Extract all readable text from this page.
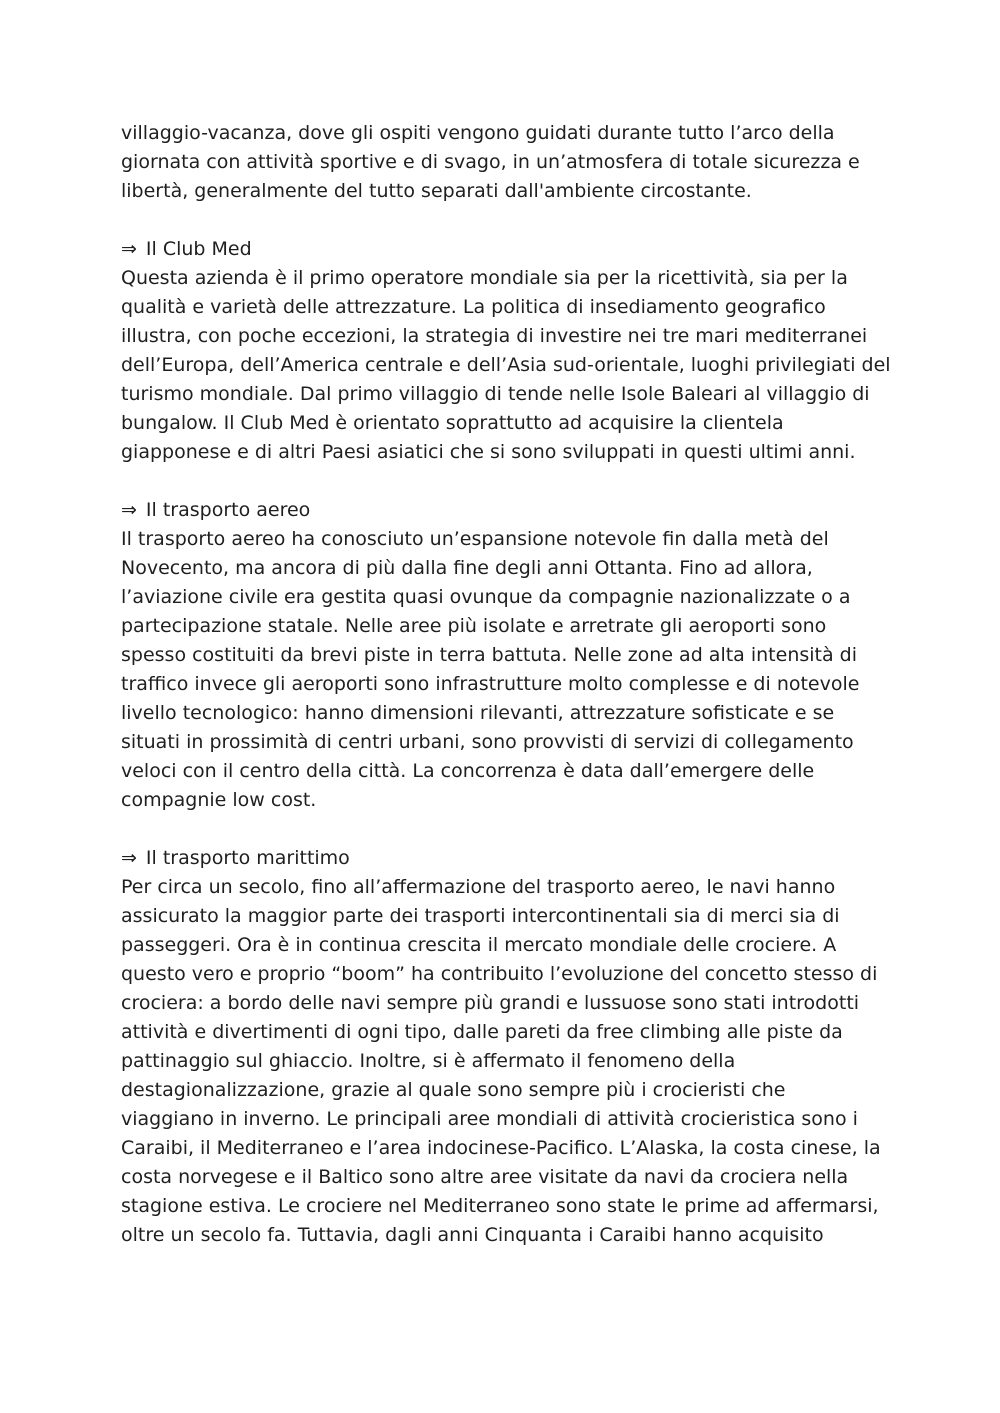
villaggio-vacanza, dove gli ospiti vengono guidati durante tutto l’arco della

giornata con attività sportive e di svago, in un’atmosfera di totale sicurezza e

libertà, generalmente del tutto separati dall'ambiente circostante.

⇒ Il Club Med

Questa azienda è il primo operatore mondiale sia per la ricettività, sia per la

qualità e varietà delle attrezzature. La politica di insediamento geografico

illustra, con poche eccezioni, la strategia di investire nei tre mari mediterranei

dell’Europa, dell’America centrale e dell’Asia sud-orientale, luoghi privilegiati del

turismo mondiale. Dal primo villaggio di tende nelle Isole Baleari al villaggio di

bungalow. Il Club Med è orientato soprattutto ad acquisire la clientela

giapponese e di altri Paesi asiatici che si sono sviluppati in questi ultimi anni.

⇒ Il trasporto aereo

Il trasporto aereo ha conosciuto un’espansione notevole fin dalla metà del

Novecento, ma ancora di più dalla fine degli anni Ottanta. Fino ad allora,

l’aviazione civile era gestita quasi ovunque da compagnie nazionalizzate o a

partecipazione statale. Nelle aree più isolate e arretrate gli aeroporti sono

spesso costituiti da brevi piste in terra battuta. Nelle zone ad alta intensità di

traffico invece gli aeroporti sono infrastrutture molto complesse e di notevole

livello tecnologico: hanno dimensioni rilevanti, attrezzature sofisticate e se

situati in prossimità di centri urbani, sono provvisti di servizi di collegamento

veloci con il centro della città. La concorrenza è data dall’emergere delle

compagnie low cost.

⇒ Il trasporto marittimo

Per circa un secolo, fino all’affermazione del trasporto aereo, le navi hanno

assicurato la maggior parte dei trasporti intercontinentali sia di merci sia di

passeggeri. Ora è in continua crescita il mercato mondiale delle crociere. A

questo vero e proprio “boom” ha contribuito l’evoluzione del concetto stesso di

crociera: a bordo delle navi sempre più grandi e lussuose sono stati introdotti

attività e divertimenti di ogni tipo, dalle pareti da free climbing alle piste da

pattinaggio sul ghiaccio. Inoltre, si è affermato il fenomeno della

destagionalizzazione, grazie al quale sono sempre più i crocieristi che

viaggiano in inverno. Le principali aree mondiali di attività crocieristica sono i

Caraibi, il Mediterraneo e l’area indocinese-Pacifico. L’Alaska, la costa cinese, la

costa norvegese e il Baltico sono altre aree visitate da navi da crociera nella

stagione estiva. Le crociere nel Mediterraneo sono state le prime ad affermarsi,

oltre un secolo fa. Tuttavia, dagli anni Cinquanta i Caraibi hanno acquisito
